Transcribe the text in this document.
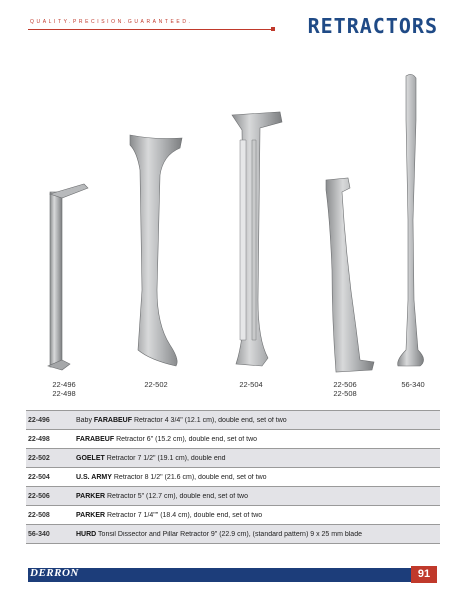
QUALITY.PRECISION.GUARANTEED.	RETRACTORS
22-496
22-498
22-502	22-504	22-506
22-508
56-340
22-496	Baby FARABEUF Retractor 4 3/4" (12.1 cm), double end, set of two
22-498	FARABEUF Retractor 6" (15.2 cm), double end, set of two
22-502	GOELET Retractor 7 1/2" (19.1 cm), double end
22-504	U.S. ARMY Retractor 8 1/2" (21.6 cm), double end, set of two
22-506	PARKER Retractor 5" (12.7 cm), double end, set of two
22-508	PARKER Retractor 7 1/4"" (18.4 cm), double end, set of two
56-340	HURD Tonsil Dissector and Pillar Retractor 9" (22.9 cm), (standard pattern) 9 x 25 mm blade
DERRON	91
